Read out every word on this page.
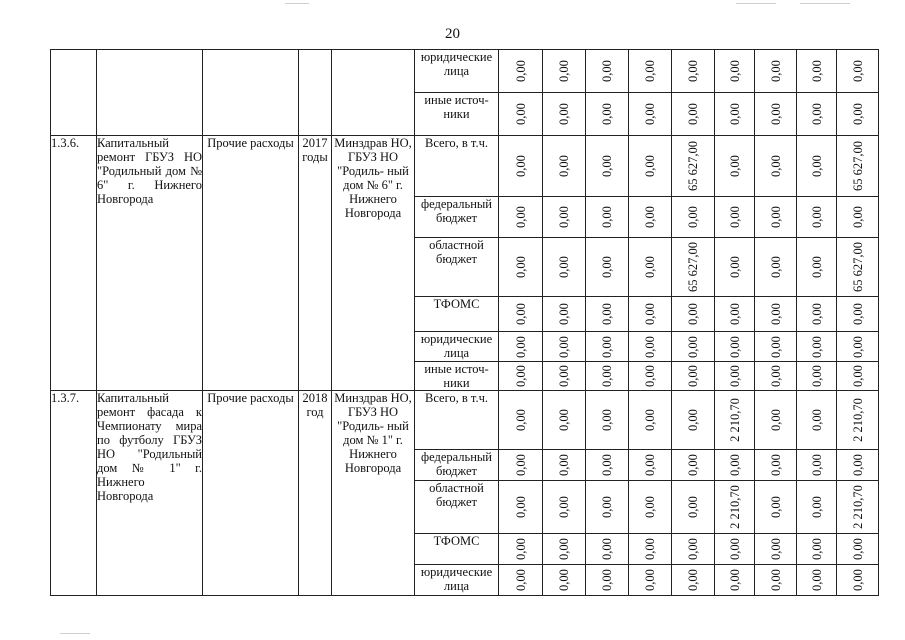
20
					юридические лица	0,00	0,00	0,00	0,00	0,00	0,00	0,00	0,00	0,00

					иные источ- ники	0,00	0,00	0,00	0,00	0,00	0,00	0,00	0,00	0,00

1.3.6.	Капитальный ремонт ГБУЗ НО "Родильный дом № 6" г. Нижнего Новгорода	Прочие расходы	2017 годы	Минздрав НО, ГБУЗ НО "Родиль- ный дом № 6" г. Нижнего Новгорода	Всего, в т.ч.	0,00	0,00	0,00	0,00	65 627,00	0,00	0,00	0,00	65 627,00

					федеральный бюджет	0,00	0,00	0,00	0,00	0,00	0,00	0,00	0,00	0,00

					областной бюджет	0,00	0,00	0,00	0,00	65 627,00	0,00	0,00	0,00	65 627,00

					ТФОМС	0,00	0,00	0,00	0,00	0,00	0,00	0,00	0,00	0,00

					юридические лица	0,00	0,00	0,00	0,00	0,00	0,00	0,00	0,00	0,00

					иные источ- ники	0,00	0,00	0,00	0,00	0,00	0,00	0,00	0,00	0,00

1.3.7.	Капитальный ремонт фасада к Чемпионату мира по футболу ГБУЗ НО "Родильный дом № 1" г. Нижнего Новгорода	Прочие расходы	2018 год	Минздрав НО, ГБУЗ НО "Родиль- ный дом № 1" г. Нижнего Новгорода	Всего, в т.ч.	0,00	0,00	0,00	0,00	0,00	2 210,70	0,00	0,00	2 210,70

					федеральный бюджет	0,00	0,00	0,00	0,00	0,00	0,00	0,00	0,00	0,00

					областной бюджет	0,00	0,00	0,00	0,00	0,00	2 210,70	0,00	0,00	2 210,70

					ТФОМС	0,00	0,00	0,00	0,00	0,00	0,00	0,00	0,00	0,00

					юридические лица	0,00	0,00	0,00	0,00	0,00	0,00	0,00	0,00	0,00
